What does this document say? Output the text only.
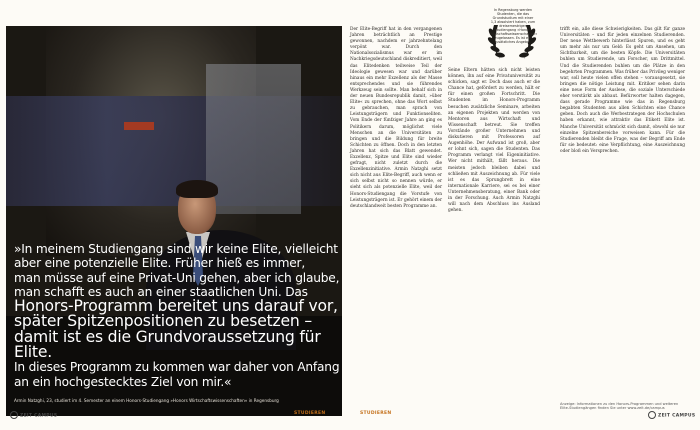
»In meinem Studiengang sind wir keine Elite, vielleicht
aber eine potenzielle Elite. Früher hieß es immer,
man müsse auf eine Privat-Uni gehen, aber ich glaube,
man schafft es auch an einer staatlichen Uni. Das
Honors-Programm bereitet uns darauf vor,
später Spitzenpositionen zu besetzen –
damit ist es die Grundvoraussetzung für Elite.
In dieses Programm zu kommen war daher von Anfang
an ein hochgestecktes Ziel von mir.«

Armin Natzghi, 23, studiert im 4. Semester an einem Honors-Studiengang »Honors Wirtschaftswissenschaften« in Regensburg

In Regensburg werden Studenten, die das Grundstudium mit einer 1,3 absolviert haben, zum dreisemestrigen Studiengang »Honors Wirtschaftswissenschaften« zugelassen. Es ist ein zusätzliches Angebot.

Der Elite-Begriff hat in den vergangenen Jahren beträchtlich an Prestige gewonnen, nachdem er jahrzehntelang verpönt war. Durch den Nationalsozialismus war er im Nachkriegsdeutschland diskreditiert, weil das Elitedenken teilweise Teil der Ideologie gewesen war und darüber hinaus ein mehr Exzellenz als der Masse entsprechendes und sie führendes Werkzeug sein sollte. Man behalf sich in der neuen Bundesrepublik damit, »über Elite« zu sprechen, ohne das Wort selbst zu gebrauchen, man sprach von Leistungsträgern und Funktionseliten. Vom Ende der fünfziger Jahre an ging es Politikern darum, möglichst viele Menschen an die Universitäten zu bringen und die Bildung für breite Schichten zu öffnen. Doch in den letzten Jahren hat sich das Blatt gewendet. Exzellenz, Spitze und Elite sind wieder gefragt, nicht zuletzt durch die Exzellenzinitiative. Armin Natzghi setzt sich nicht aus Elite-Begriff, auch wenn er sich selbst nicht so nennen würde, er sieht sich als potenzielle Elite, weil der Honors-Studiengang die Vorstufe von Leistungsträgern ist. Er gehört einem der deutschlandweit besten Programme an.

Seine Eltern hätten sich nicht leisten können, ihn auf eine Privatuniversität zu schicken, sagt er. Doch dass auch er die Chance hat, gefördert zu werden, hält er für einen großen Fortschritt. Die Studenten im Honors-Programm besuchen zusätzliche Seminare, arbeiten an eigenen Projekten und werden von Mentoren aus Wirtschaft und Wissenschaft betreut. Sie treffen Vorstände großer Unternehmen und diskutieren mit Professoren auf Augenhöhe. Der Aufwand ist groß, aber er lohnt sich, sagen die Studenten. Das Programm verlangt viel Eigeninitiative. Wer nicht mithält, fällt heraus. Die meisten jedoch bleiben dabei und schließen mit Auszeichnung ab. Für viele ist es das Sprungbrett in eine internationale Karriere, sei es bei einer Unternehmensberatung, einer Bank oder in der Forschung. Auch Armin Natzghi will nach dem Abschluss ins Ausland gehen.

trifft ein, alle diese Schwierigkeiten. Das gilt für ganze Universitäten – und für jeden einzelnen Studierenden. Der neue Wettbewerb hinterlässt Spuren, und es geht um mehr als nur um Geld: Es geht um Ansehen, um Sichtbarkeit, um die besten Köpfe. Die Universitäten buhlen um Studierende, um Forscher, um Drittmittel. Und die Studierenden buhlen um die Plätze in den begehrten Programmen. Was früher das Privileg weniger war, soll heute vielen offen stehen – vorausgesetzt, sie bringen die nötige Leistung mit. Kritiker sehen darin eine neue Form der Auslese, die soziale Unterschiede eher verstärkt als abbaut. Befürworter halten dagegen, dass gerade Programme wie das in Regensburg begabten Studenten aus allen Schichten eine Chance geben. Doch auch die Werbestrategen der Hochschulen haben erkannt, wie attraktiv das Etikett Elite ist. Manche Universität schmückt sich damit, obwohl sie nur einzelne Spitzenbereiche vorweisen kann. Für die Studierenden bleibt die Frage, was der Begriff am Ende für sie bedeutet: eine Verpflichtung, eine Auszeichnung oder bloß ein Versprechen.

ZEIT CAMPUS	STUDIEREN	STUDIEREN

Anzeige: Informationen zu den Honors-Programmen und weiteren Elite-Studiengängen finden Sie unter www.zeit.de/campus

ZEIT CAMPUS
